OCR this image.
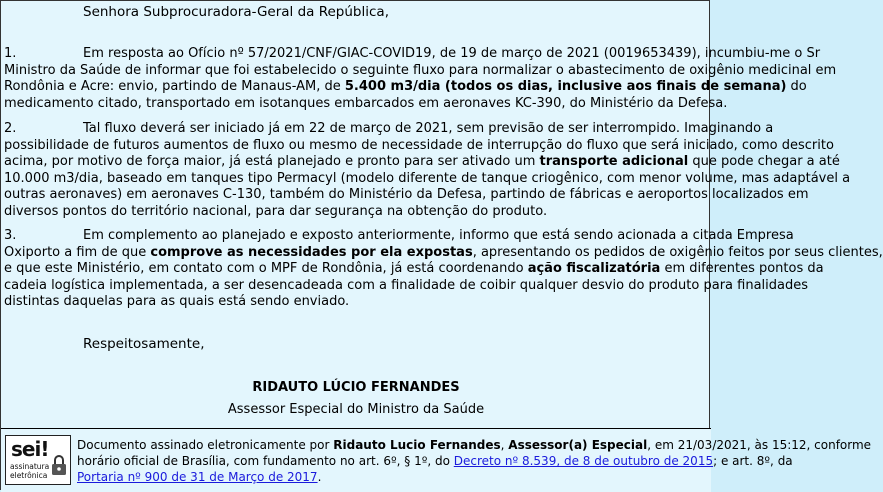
Senhora Subprocuradora-Geral da República,
1.	Em resposta ao Ofício nº 57/2021/CNF/GIAC-COVID19, de 19 de março de 2021 (0019653439), incumbiu-me o Sr
Ministro da Saúde de informar que foi estabelecido o seguinte fluxo para normalizar o abastecimento de oxigênio medicinal em
Rondônia e Acre: envio, partindo de Manaus-AM, de 5.400 m3/dia (todos os dias, inclusive aos finais de semana) do
medicamento citado, transportado em isotanques embarcados em aeronaves KC-390, do Ministério da Defesa.
2.	Tal fluxo deverá ser iniciado já em 22 de março de 2021, sem previsão de ser interrompido. Imaginando a
possibilidade de futuros aumentos de fluxo ou mesmo de necessidade de interrupção do fluxo que será iniciado, como descrito
acima, por motivo de força maior, já está planejado e pronto para ser ativado um transporte adicional que pode chegar a até
10.000 m3/dia, baseado em tanques tipo Permacyl (modelo diferente de tanque criogênico, com menor volume, mas adaptável a
outras aeronaves) em aeronaves C-130, também do Ministério da Defesa, partindo de fábricas e aeroportos localizados em
diversos pontos do território nacional, para dar segurança na obtenção do produto.
3.	Em complemento ao planejado e exposto anteriormente, informo que está sendo acionada a citada Empresa
Oxiporto a fim de que comprove as necessidades por ela expostas, apresentando os pedidos de oxigênio feitos por seus clientes,
e que este Ministério, em contato com o MPF de Rondônia, já está coordenando ação fiscalizatória em diferentes pontos da
cadeia logística implementada, a ser desencadeada com a finalidade de coibir qualquer desvio do produto para finalidades
distintas daquelas para as quais está sendo enviado.
Respeitosamente,
RIDAUTO LÚCIO FERNANDES
Assessor Especial do Ministro da Saúde
sei!
assinatura
eletrônica
Documento assinado eletronicamente por Ridauto Lucio Fernandes, Assessor(a) Especial, em 21/03/2021, às 15:12, conforme
horário oficial de Brasília, com fundamento no art. 6º, § 1º, do Decreto nº 8.539, de 8 de outubro de 2015; e art. 8º, da
Portaria nº 900 de 31 de Março de 2017.
